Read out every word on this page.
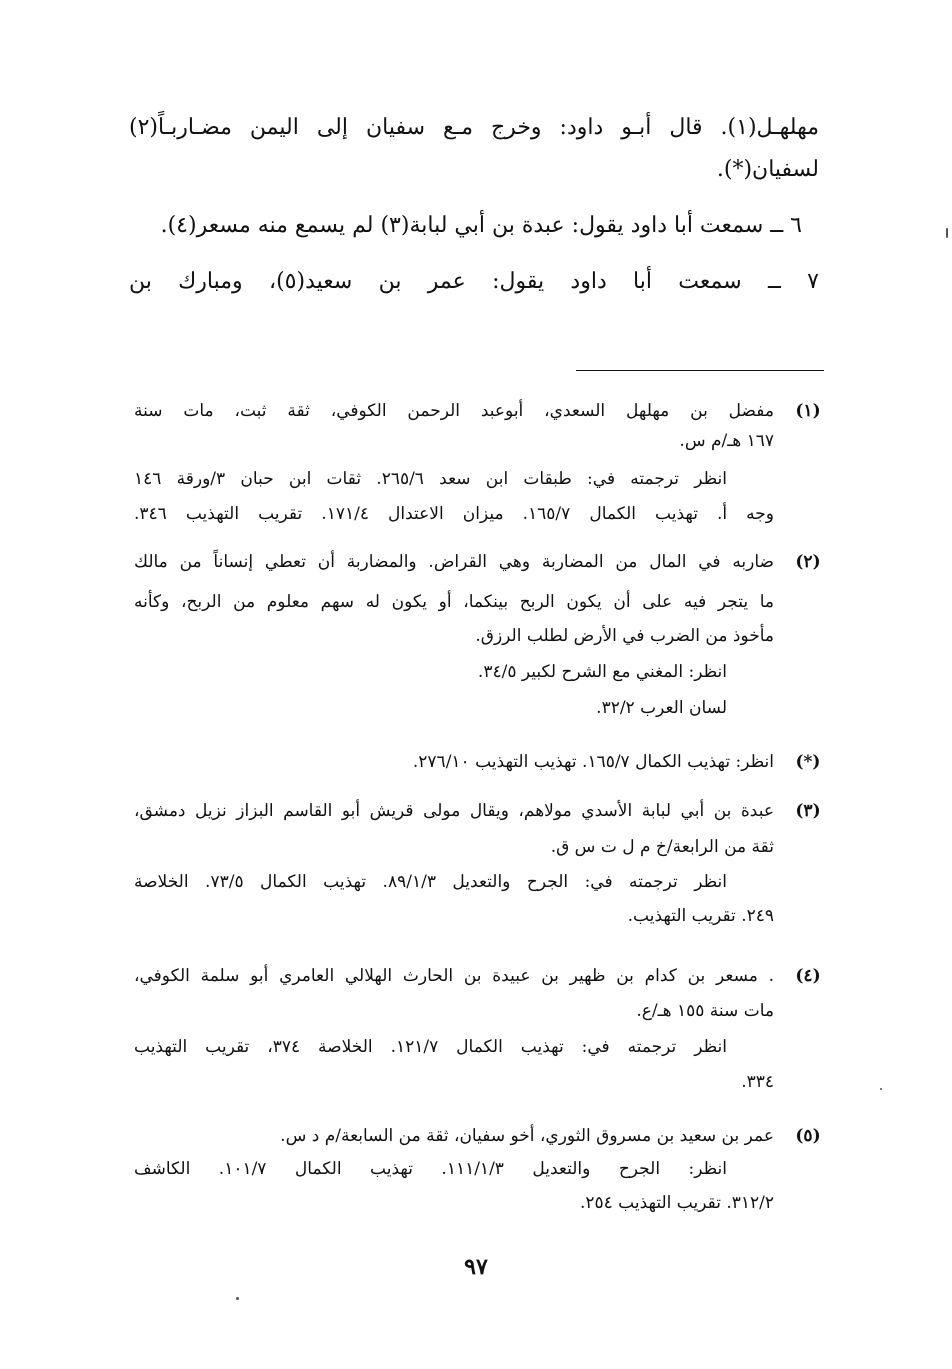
مهلهـل(١). قال أبـو داود: وخرج مـع سفيان إلى اليمن مضـاربـاً(٢)
لسفيان(*).
٦ ــ سمعت أبا داود يقول: عبدة بن أبي لبابة(٣) لم يسمع منه مسعر(٤).
٧ ــ سمعت أبا داود يقول: عمر بن سعيد(٥)، ومبارك بن
(١)
مفضل بن مهلهل السعدي، أبوعبد الرحمن الكوفي، ثقة ثبت، مات سنة
١٦٧ هـ/م س.
انظر ترجمته في: طبقات ابن سعد ٢٦٥/٦. ثقات ابن حبان ٣/ورقة ١٤٦
وجه أ. تهذيب الكمال ١٦٥/٧. ميزان الاعتدال ١٧١/٤. تقريب التهذيب ٣٤٦.
(٢)
ضاربه في المال من المضاربة وهي القراض. والمضاربة أن تعطي إنساناً من مالك
ما يتجر فيه على أن يكون الربح بينكما، أو يكون له سهم معلوم من الربح، وكأنه
مأخوذ من الضرب في الأرض لطلب الرزق.
انظر: المغني مع الشرح لكبير ٣٤/٥.
لسان العرب ٣٢/٢.
(*)
انظر: تهذيب الكمال ١٦٥/٧. تهذيب التهذيب ٢٧٦/١٠.
(٣)
عبدة بن أبي لبابة الأسدي مولاهم، ويقال مولى قريش أبو القاسم البزاز نزيل دمشق،
ثقة من الرابعة/خ م ل ت س ق.
انظر ترجمته في: الجرح والتعديل ٨٩/١/٣. تهذيب الكمال ٧٣/٥. الخلاصة
٢٤٩. تقريب التهذيب.
(٤)
. مسعر بن كدام بن ظهير بن عبيدة بن الحارث الهلالي العامري أبو سلمة الكوفي،
مات سنة ١٥٥ هـ/ع.
انظر ترجمته في: تهذيب الكمال ١٢١/٧. الخلاصة ٣٧٤، تقريب التهذيب
٣٣٤.
(٥)
عمر بن سعيد بن مسروق الثوري، أخو سفيان، ثقة من السابعة/م د س.
انظر: الجرح والتعديل ١١١/١/٣. تهذيب الكمال ١٠١/٧. الكاشف
٣١٢/٢. تقريب التهذيب ٢٥٤.
٩٧
